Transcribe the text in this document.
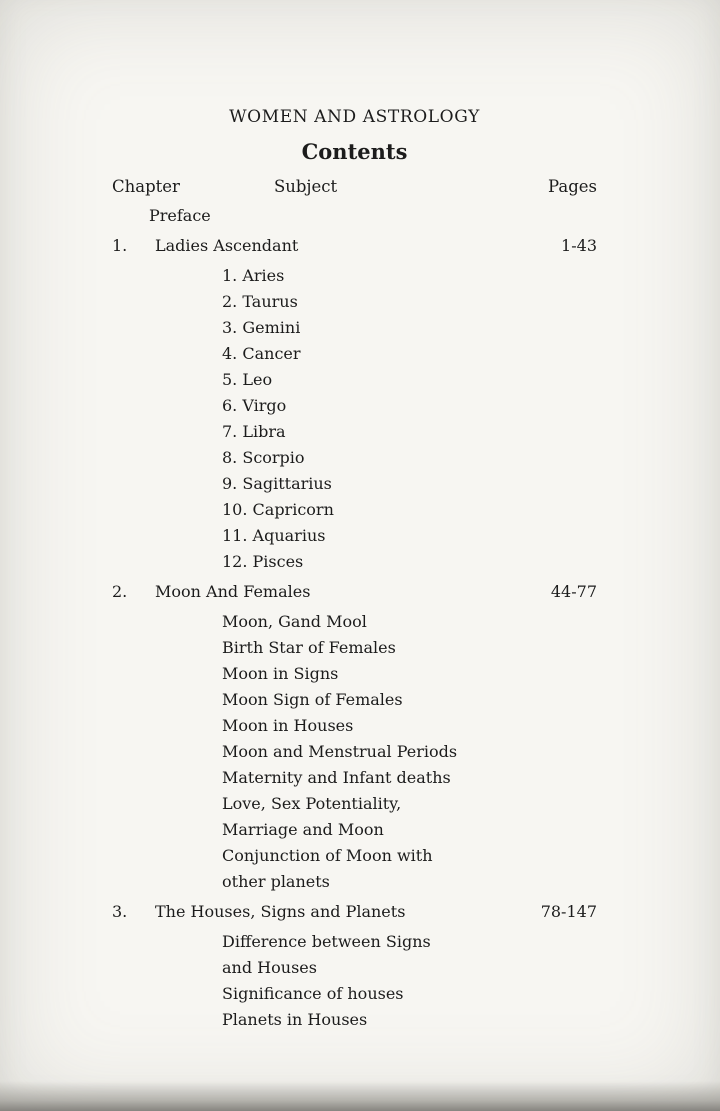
WOMEN AND ASTROLOGY
Contents
Chapter	Subject	Pages
Preface
1.	Ladies Ascendant	1-43
1. Aries
2. Taurus
3. Gemini
4. Cancer
5. Leo
6. Virgo
7. Libra
8. Scorpio
9. Sagittarius
10. Capricorn
11. Aquarius
12. Pisces
2.	Moon And Females	44-77
Moon, Gand Mool
Birth Star of Females
Moon in Signs
Moon Sign of Females
Moon in Houses
Moon and Menstrual Periods
Maternity and Infant deaths
Love, Sex Potentiality,
Marriage and Moon
Conjunction of Moon with
other planets
3.	The Houses, Signs and Planets	78-147
Difference between Signs
and Houses
Significance of houses
Planets in Houses
